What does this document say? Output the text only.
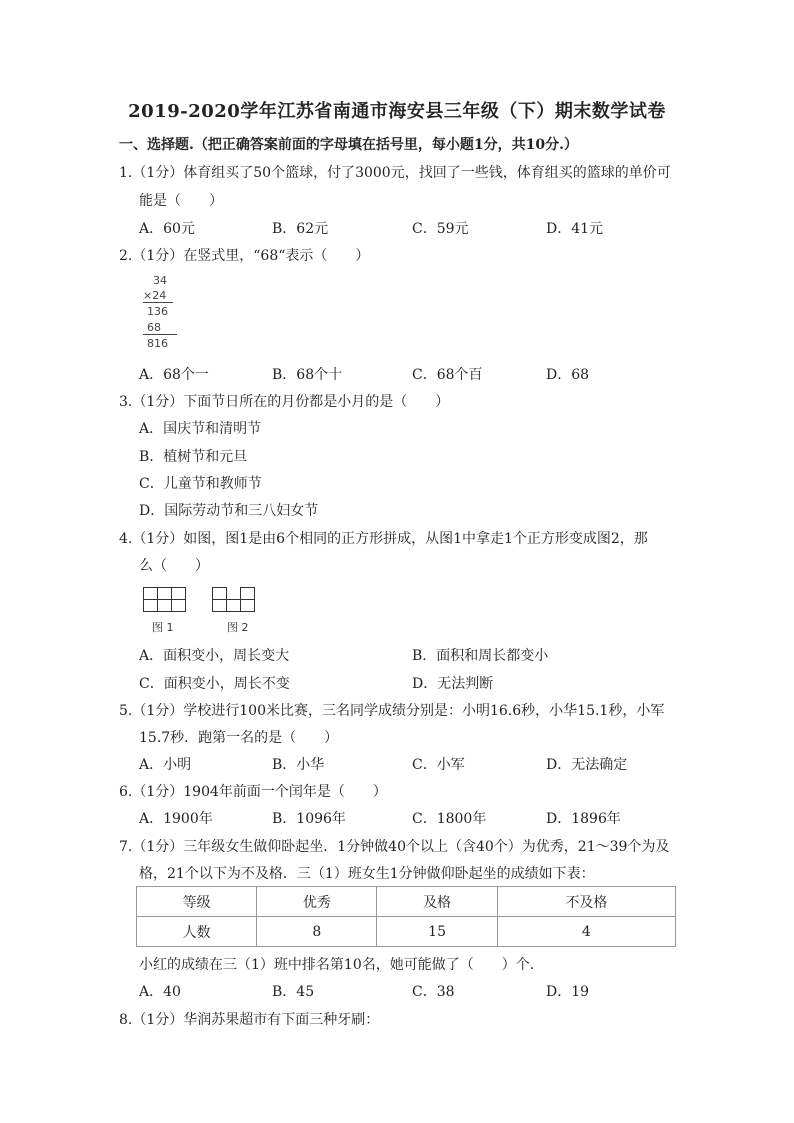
2019-2020学年江苏省南通市海安县三年级（下）期末数学试卷
一、选择题.（把正确答案前面的字母填在括号里，每小题1分，共10分.）
1.（1分）体育组买了50个篮球，付了3000元，找回了一些钱，体育组买的篮球的单价可
能是（　　）
A．60元	B．62元	C．59元	D．41元
2.（1分）在竖式里，“68“表示（　　）
34
×24
136
68
816
A．68个一	B．68个十	C．68个百	D．68
3.（1分）下面节日所在的月份都是小月的是（　　）
A．国庆节和清明节
B．植树节和元旦
C．儿童节和教师节
D．国际劳动节和三八妇女节
4.（1分）如图，图1是由6个相同的正方形拼成，从图1中拿走1个正方形变成图2，那
么（　　）
图 1	图 2
A．面积变小，周长变大	B．面积和周长都变小
C．面积变小，周长不变	D．无法判断
5.（1分）学校进行100米比赛，三名同学成绩分别是：小明16.6秒，小华15.1秒，小军
15.7秒．跑第一名的是（　　）
A．小明	B．小华	C．小军	D．无法确定
6.（1分）1904年前面一个闰年是（　　）
A．1900年	B．1096年	C．1800年	D．1896年
7.（1分）三年级女生做仰卧起坐．1分钟做40个以上（含40个）为优秀，21～39个为及
格，21个以下为不及格．三（1）班女生1分钟做仰卧起坐的成绩如下表：
等级	优秀	及格	不及格
人数	8	15	4
小红的成绩在三（1）班中排名第10名，她可能做了（　　）个．
A．40	B．45	C．38	D．19
8.（1分）华润苏果超市有下面三种牙刷：
